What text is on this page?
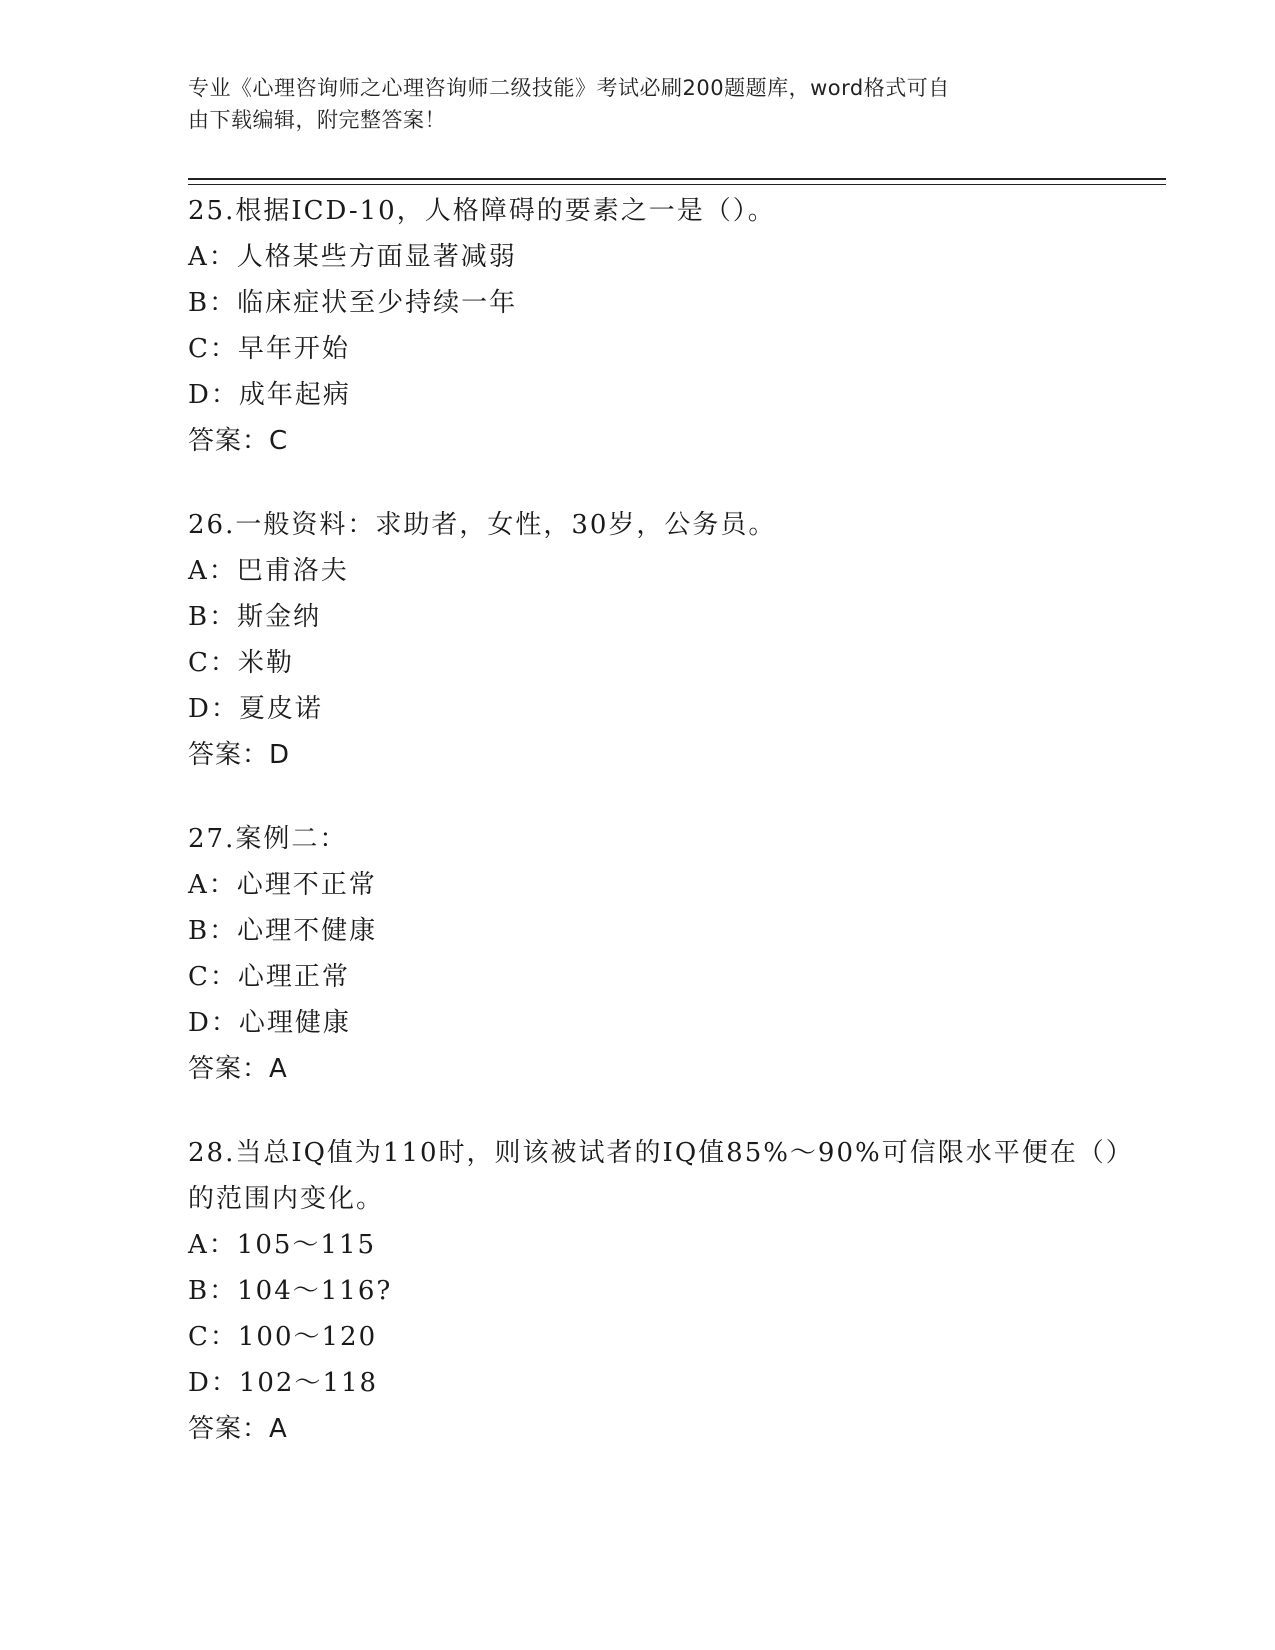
专业《心理咨询师之心理咨询师二级技能》考试必刷200题题库，word格式可自
由下载编辑，附完整答案！
25.根据ICD-10，人格障碍的要素之一是（）。
A：人格某些方面显著减弱
B：临床症状至少持续一年
C：早年开始
D：成年起病
答案：C
26.一般资料：求助者，女性，30岁，公务员。
A：巴甫洛夫
B：斯金纳
C：米勒
D：夏皮诺
答案：D
27.案例二：
A：心理不正常
B：心理不健康
C：心理正常
D：心理健康
答案：A
28.当总IQ值为110时，则该被试者的IQ值85%～90%可信限水平便在（）的范围内变化。
A：105～115
B：104～116?
C：100～120
D：102～118
答案：A
